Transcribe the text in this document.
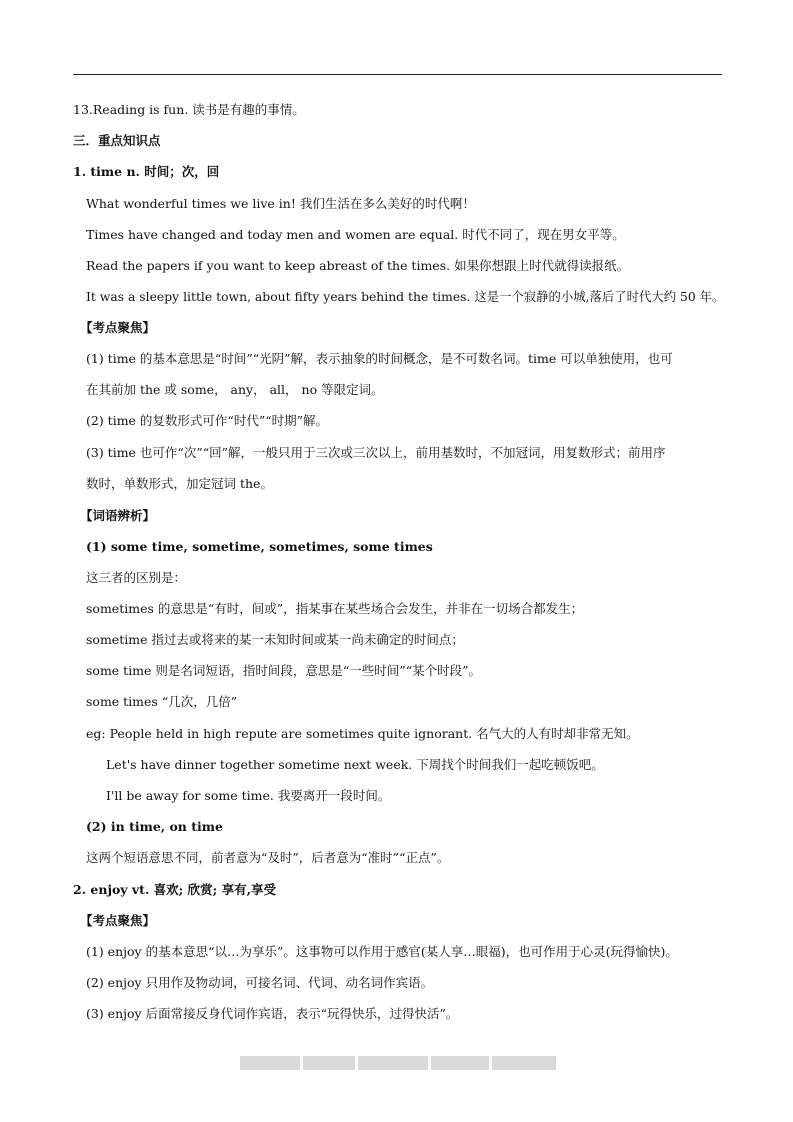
13.Reading is fun. 读书是有趣的事情。
三．重点知识点
1. time n. 时间；次，回
What wonderful times we live in! 我们生活在多么美好的时代啊！
Times have changed and today men and women are equal. 时代不同了，现在男女平等。
Read the papers if you want to keep abreast of the times. 如果你想跟上时代就得读报纸。
It was a sleepy little town, about fifty years behind the times. 这是一个寂静的小城,落后了时代大约 50 年。
【考点聚焦】
(1) time 的基本意思是“时间”“光阴”解，表示抽象的时间概念，是不可数名词。time 可以单独使用，也可
在其前加 the 或 some， any， all， no 等限定词。
(2) time 的复数形式可作“时代”“时期”解。
(3) time 也可作“次”“回”解，一般只用于三次或三次以上，前用基数时，不加冠词，用复数形式；前用序
数时，单数形式，加定冠词 the。
【词语辨析】
(1) some time, sometime, sometimes, some times
这三者的区别是：
sometimes 的意思是“有时，间或”，指某事在某些场合会发生，并非在一切场合都发生；
sometime 指过去或将来的某一未知时间或某一尚未确定的时间点；
some time 则是名词短语，指时间段，意思是“一些时间”“某个时段”。
some times “几次，几倍”
eg: People held in high repute are sometimes quite ignorant. 名气大的人有时却非常无知。
Let's have dinner together sometime next week. 下周找个时间我们一起吃顿饭吧。
I'll be away for some time. 我要离开一段时间。
(2) in time, on time
这两个短语意思不同，前者意为“及时”，后者意为“准时”“正点”。
2. enjoy vt. 喜欢; 欣赏; 享有,享受
【考点聚焦】
(1) enjoy 的基本意思“以…为享乐”。这事物可以作用于感官(某人享…眼福)，也可作用于心灵(玩得愉快)。
(2) enjoy 只用作及物动词，可接名词、代词、动名词作宾语。
(3) enjoy 后面常接反身代词作宾语，表示“玩得快乐，过得快活”。
